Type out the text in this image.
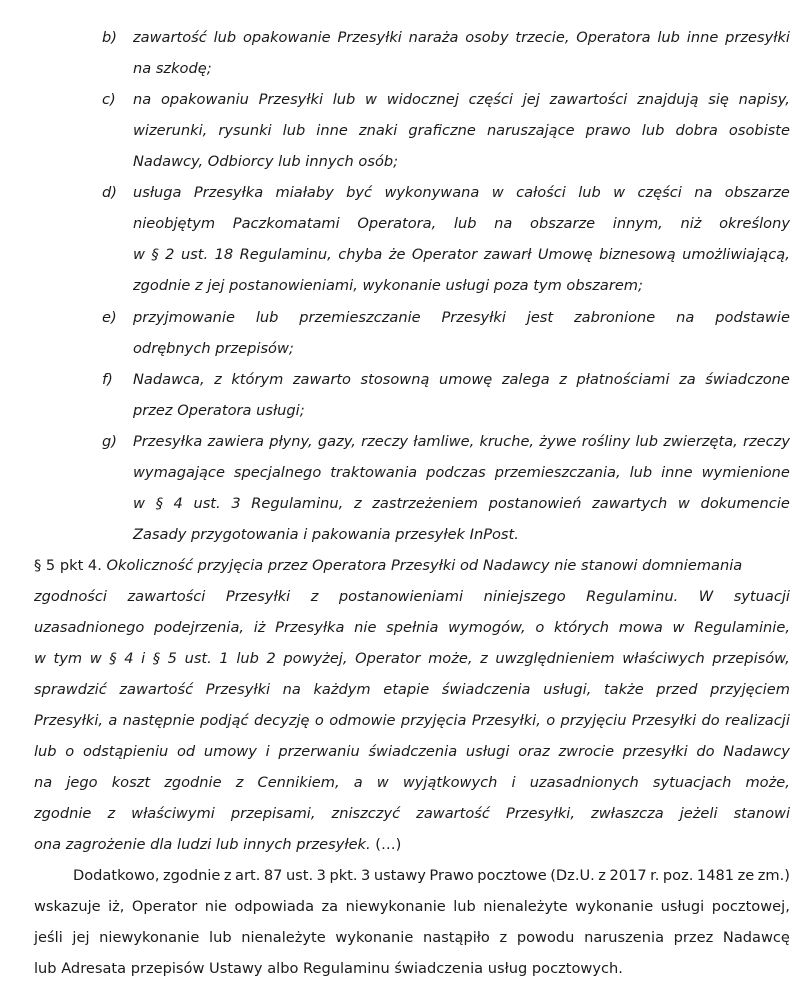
b) zawartość lub opakowanie Przesyłki naraża osoby trzecie, Operatora lub inne przesyłki
na szkodę;
c) na opakowaniu Przesyłki lub w widocznej części jej zawartości znajdują się napisy,
wizerunki, rysunki lub inne znaki graficzne naruszające prawo lub dobra osobiste
Nadawcy, Odbiorcy lub innych osób;
d) usługa Przesyłka miałaby być wykonywana w całości lub w części na obszarze
nieobjętym Paczkomatami Operatora, lub na obszarze innym, niż określony
w § 2 ust. 18 Regulaminu, chyba że Operator zawarł Umowę biznesową umożliwiającą,
zgodnie z jej postanowieniami, wykonanie usługi poza tym obszarem;
e) przyjmowanie lub przemieszczanie Przesyłki jest zabronione na podstawie
odrębnych przepisów;
f) Nadawca, z którym zawarto stosowną umowę zalega z płatnościami za świadczone
przez Operatora usługi;
g) Przesyłka zawiera płyny, gazy, rzeczy łamliwe, kruche, żywe rośliny lub zwierzęta, rzeczy
wymagające specjalnego traktowania podczas przemieszczania, lub inne wymienione
w § 4 ust. 3 Regulaminu, z zastrzeżeniem postanowień zawartych w dokumencie
Zasady przygotowania i pakowania przesyłek InPost.
§ 5 pkt 4. Okoliczność przyjęcia przez Operatora Przesyłki od Nadawcy nie stanowi domniemania
zgodności zawartości Przesyłki z postanowieniami niniejszego Regulaminu. W sytuacji
uzasadnionego podejrzenia, iż Przesyłka nie spełnia wymogów, o których mowa w Regulaminie,
w tym w § 4 i § 5 ust. 1 lub 2 powyżej, Operator może, z uwzględnieniem właściwych przepisów,
sprawdzić zawartość Przesyłki na każdym etapie świadczenia usługi, także przed przyjęciem
Przesyłki, a następnie podjąć decyzję o odmowie przyjęcia Przesyłki, o przyjęciu Przesyłki do realizacji
lub o odstąpieniu od umowy i przerwaniu świadczenia usługi oraz zwrocie przesyłki do Nadawcy
na jego koszt zgodnie z Cennikiem, a w wyjątkowych i uzasadnionych sytuacjach może,
zgodnie z właściwymi przepisami, zniszczyć zawartość Przesyłki, zwłaszcza jeżeli stanowi
ona zagrożenie dla ludzi lub innych przesyłek. (…)
Dodatkowo, zgodnie z art. 87 ust. 3 pkt. 3 ustawy Prawo pocztowe (Dz.U. z 2017 r. poz. 1481 ze zm.)
wskazuje iż, Operator nie odpowiada za niewykonanie lub nienależyte wykonanie usługi pocztowej,
jeśli jej niewykonanie lub nienależyte wykonanie nastąpiło z powodu naruszenia przez Nadawcę
lub Adresata przepisów Ustawy albo Regulaminu świadczenia usług pocztowych.
